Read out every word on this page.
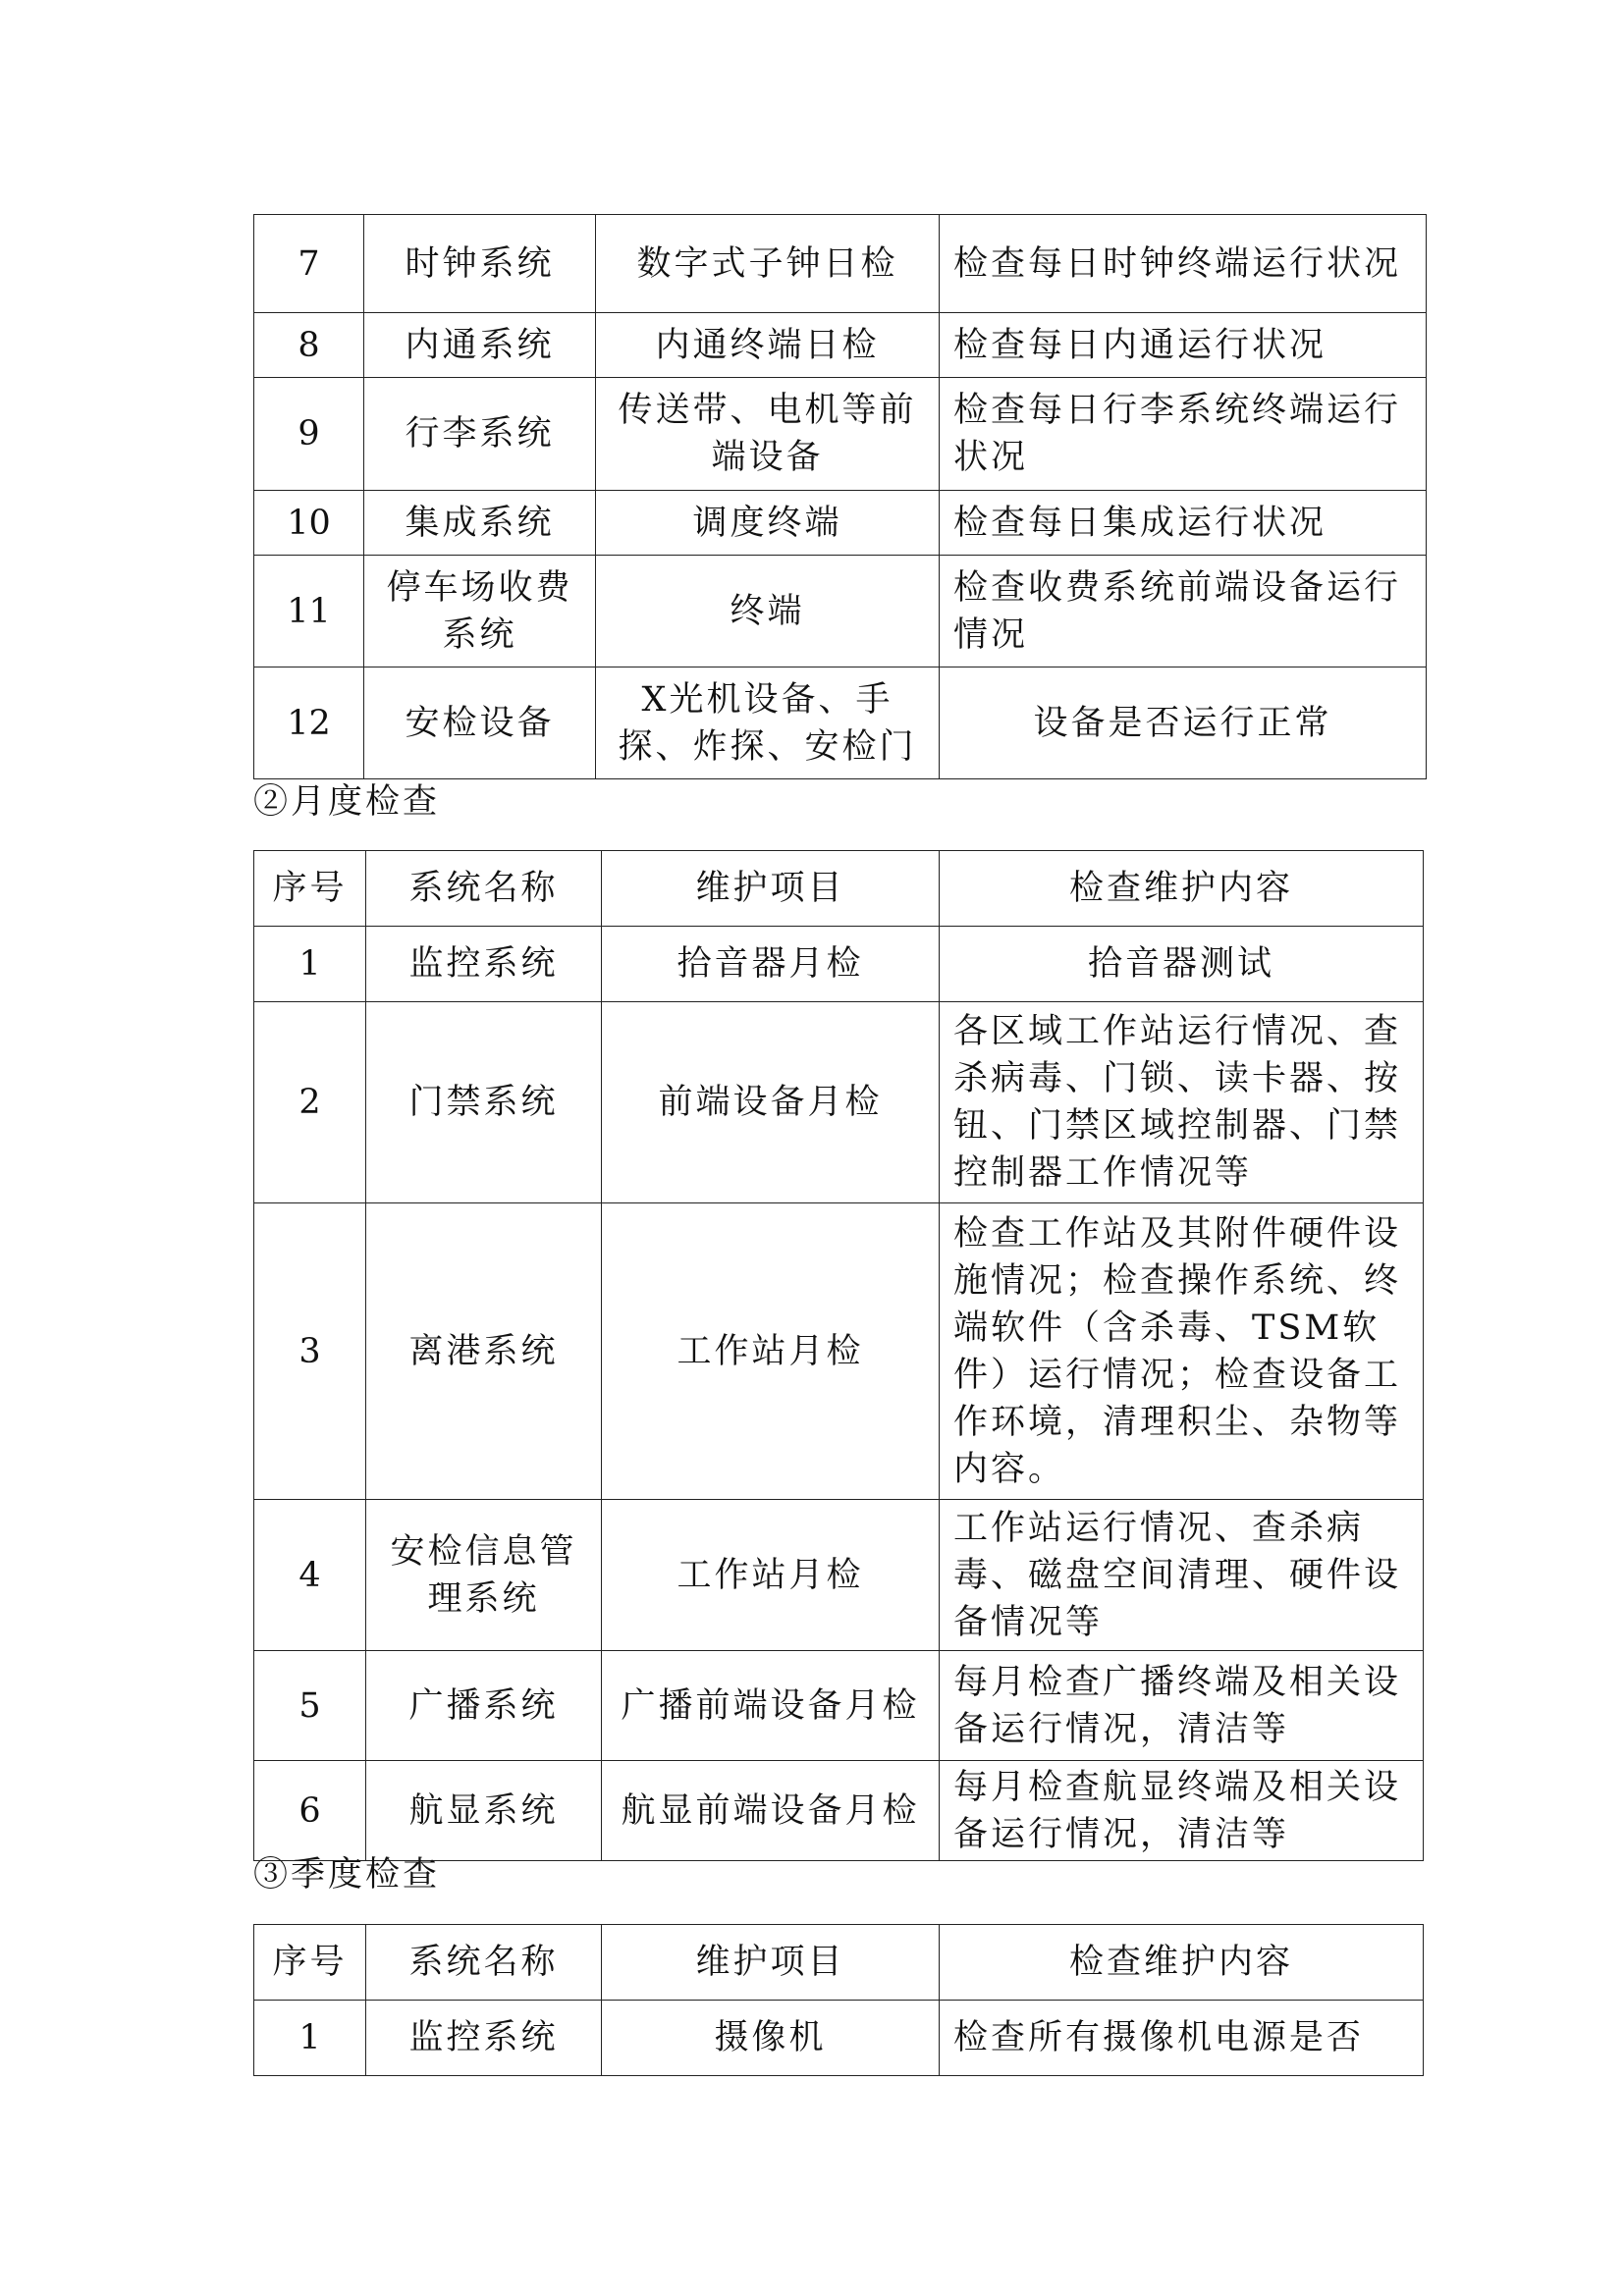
7	时钟系统	数字式子钟日检	检查每日时钟终端运行状况
8	内通系统	内通终端日检	检查每日内通运行状况
9	行李系统	传送带、电机等前端设备	检查每日行李系统终端运行状况
10	集成系统	调度终端	检查每日集成运行状况
11	停车场收费系统	终端	检查收费系统前端设备运行情况
12	安检设备	X光机设备、手探、炸探、安检门	设备是否运行正常
②月度检查
序号	系统名称	维护项目	检查维护内容
1	监控系统	拾音器月检	拾音器测试
2	门禁系统	前端设备月检	各区域工作站运行情况、查杀病毒、门锁、读卡器、按钮、门禁区域控制器、门禁控制器工作情况等
3	离港系统	工作站月检	检查工作站及其附件硬件设施情况；检查操作系统、终端软件（含杀毒、TSM软件）运行情况；检查设备工作环境，清理积尘、杂物等内容。
4	安检信息管理系统	工作站月检	工作站运行情况、查杀病毒、磁盘空间清理、硬件设备情况等
5	广播系统	广播前端设备月检	每月检查广播终端及相关设备运行情况，清洁等
6	航显系统	航显前端设备月检	每月检查航显终端及相关设备运行情况，清洁等
③季度检查
序号	系统名称	维护项目	检查维护内容
1	监控系统	摄像机	检查所有摄像机电源是否
